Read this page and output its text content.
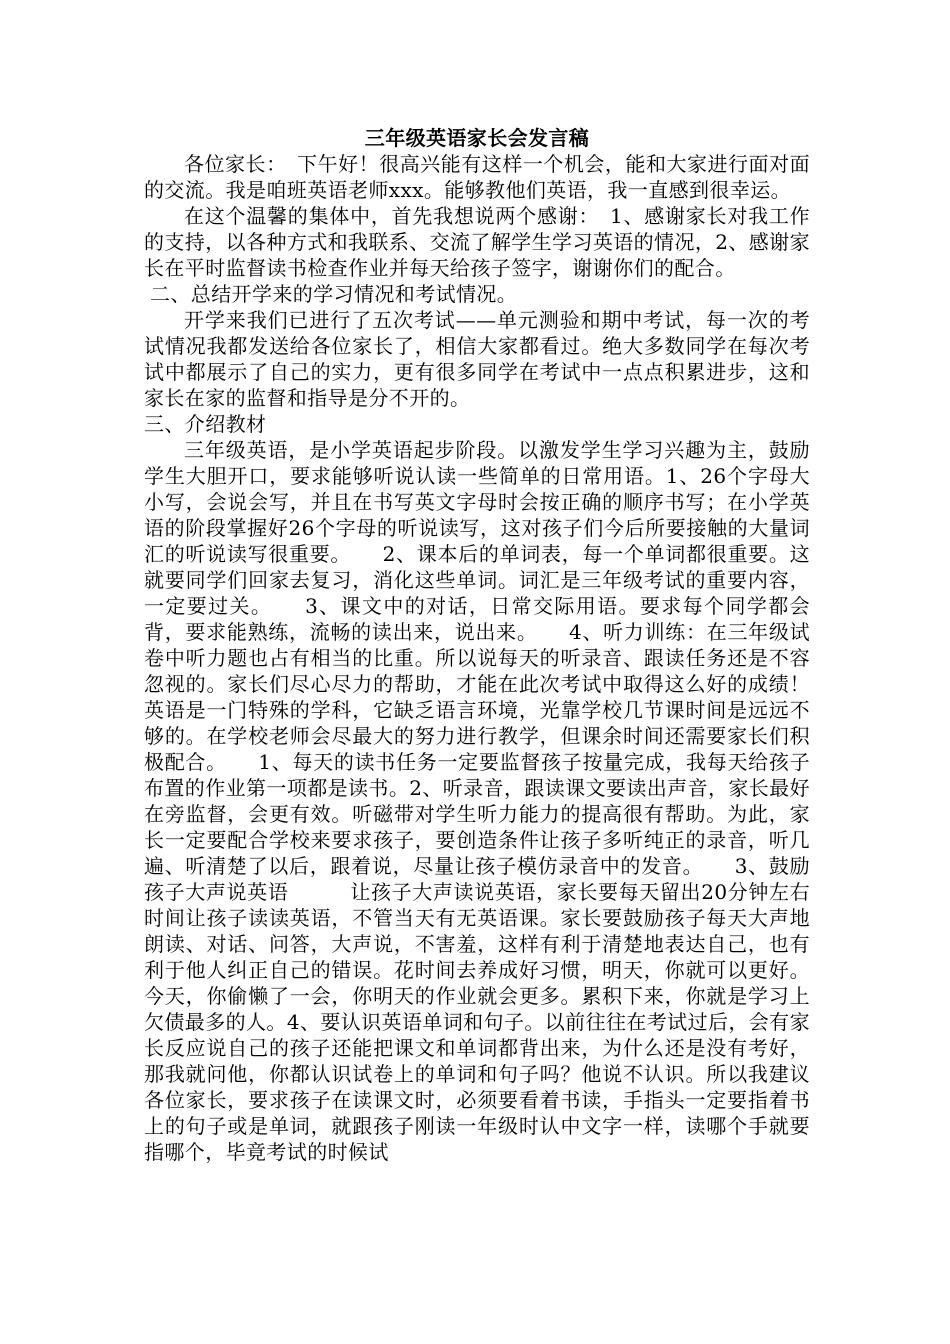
三年级英语家长会发言稿

各位家长：　下午好！很高兴能有这样一个机会，能和大家进行面对面的交流。我是咱班英语老师xxx。能够教他们英语，我一直感到很幸运。

在这个温馨的集体中，首先我想说两个感谢：　1、感谢家长对我工作的支持，以各种方式和我联系、交流了解学生学习英语的情况，2、感谢家长在平时监督读书检查作业并每天给孩子签字，谢谢你们的配合。

二、总结开学来的学习情况和考试情况。

开学来我们已进行了五次考试——单元测验和期中考试，每一次的考试情况我都发送给各位家长了，相信大家都看过。绝大多数同学在每次考试中都展示了自己的实力，更有很多同学在考试中一点点积累进步，这和家长在家的监督和指导是分不开的。

三、介绍教材

三年级英语，是小学英语起步阶段。以激发学生学习兴趣为主，鼓励学生大胆开口，要求能够听说认读一些简单的日常用语。1、26个字母大小写，会说会写，并且在书写英文字母时会按正确的顺序书写；在小学英语的阶段掌握好26个字母的听说读写，这对孩子们今后所要接触的大量词汇的听说读写很重要。　　2、课本后的单词表，每一个单词都很重要。这就要同学们回家去复习，消化这些单词。词汇是三年级考试的重要内容，一定要过关。　　3、课文中的对话，日常交际用语。要求每个同学都会背，要求能熟练，流畅的读出来，说出来。　　4、听力训练：在三年级试卷中听力题也占有相当的比重。所以说每天的听录音、跟读任务还是不容忽视的。家长们尽心尽力的帮助，才能在此次考试中取得这么好的成绩！　英语是一门特殊的学科，它缺乏语言环境，光靠学校几节课时间是远远不够的。在学校老师会尽最大的努力进行教学，但课余时间还需要家长们积极配合。　　1、每天的读书任务一定要监督孩子按量完成，我每天给孩子布置的作业第一项都是读书。2、听录音，跟读课文要读出声音，家长最好在旁监督，会更有效。听磁带对学生听力能力的提高很有帮助。为此，家长一定要配合学校来要求孩子，要创造条件让孩子多听纯正的录音，听几遍、听清楚了以后，跟着说，尽量让孩子模仿录音中的发音。　　3、鼓励孩子大声说英语　　　让孩子大声读说英语，家长要每天留出20分钟左右时间让孩子读读英语，不管当天有无英语课。家长要鼓励孩子每天大声地朗读、对话、问答，大声说，不害羞，这样有利于清楚地表达自己，也有利于他人纠正自己的错误。花时间去养成好习惯，明天，你就可以更好。今天，你偷懒了一会，你明天的作业就会更多。累积下来，你就是学习上欠债最多的人。4、要认识英语单词和句子。以前往往在考试过后，会有家长反应说自己的孩子还能把课文和单词都背出来，为什么还是没有考好，那我就问他，你都认识试卷上的单词和句子吗？他说不认识。所以我建议各位家长，要求孩子在读课文时，必须要看着书读，手指头一定要指着书上的句子或是单词，就跟孩子刚读一年级时认中文字一样，读哪个手就要指哪个，毕竟考试的时候试
